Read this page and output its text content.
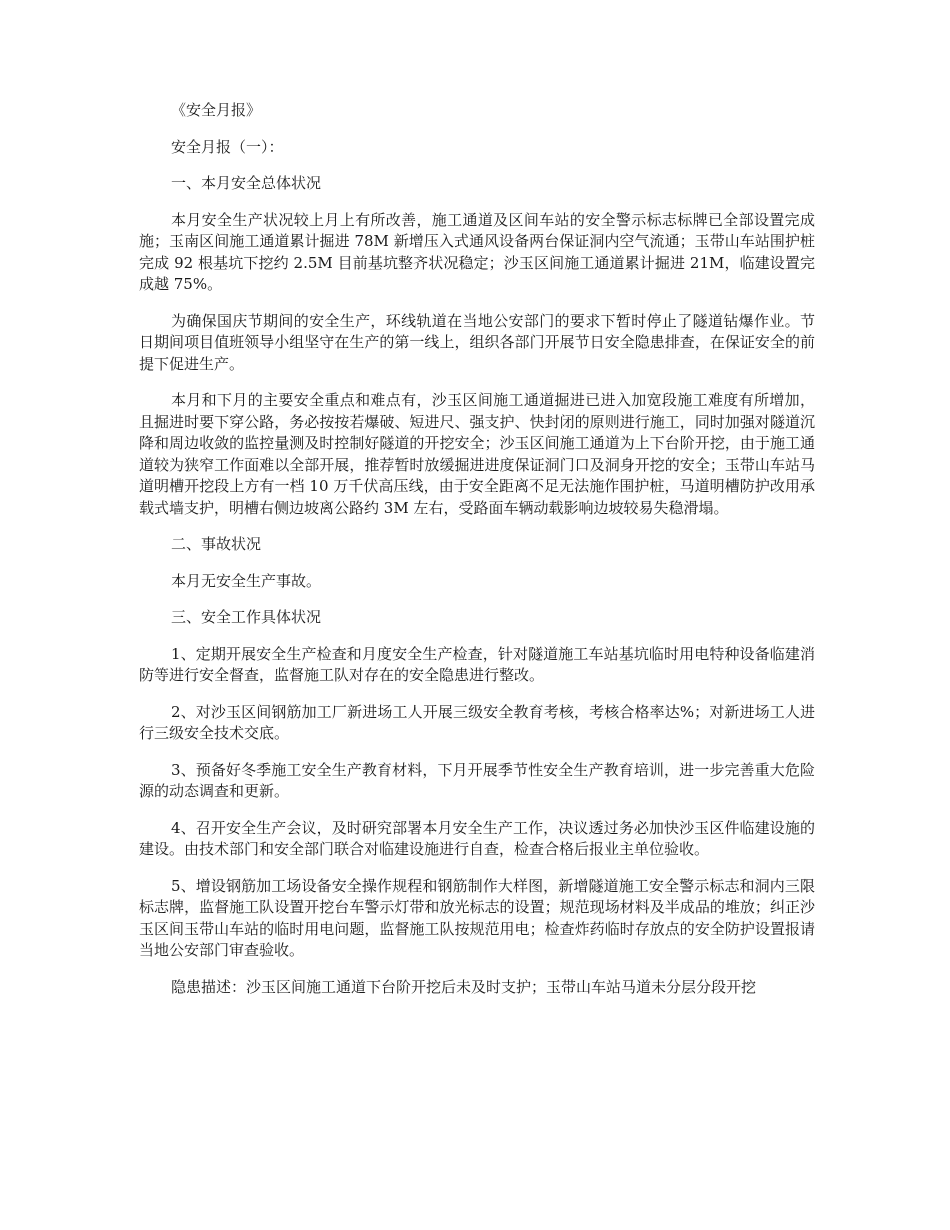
《安全月报》

安全月报（一）：

一、本月安全总体状况

本月安全生产状况较上月上有所改善，施工通道及区间车站的安全警示标志标牌已全部设置完成施；玉南区间施工通道累计掘进 78M 新增压入式通风设备两台保证洞内空气流通；玉带山车站围护桩完成 92 根基坑下挖约 2.5M 目前基坑整齐状况稳定；沙玉区间施工通道累计掘进 21M，临建设置完成越 75%。

为确保国庆节期间的安全生产，环线轨道在当地公安部门的要求下暂时停止了隧道钻爆作业。节日期间项目值班领导小组坚守在生产的第一线上，组织各部门开展节日安全隐患排查，在保证安全的前提下促进生产。

本月和下月的主要安全重点和难点有，沙玉区间施工通道掘进已进入加宽段施工难度有所增加，且掘进时要下穿公路，务必按按若爆破、短进尺、强支护、快封闭的原则进行施工，同时加强对隧道沉降和周边收敛的监控量测及时控制好隧道的开挖安全；沙玉区间施工通道为上下台阶开挖，由于施工通道较为狭窄工作面难以全部开展，推荐暂时放缓掘进进度保证洞门口及洞身开挖的安全；玉带山车站马道明槽开挖段上方有一档 10 万千伏高压线，由于安全距离不足无法施作围护桩，马道明槽防护改用承载式墙支护，明槽右侧边坡离公路约 3M 左右，受路面车辆动载影响边坡较易失稳滑塌。

二、事故状况

本月无安全生产事故。

三、安全工作具体状况

1、定期开展安全生产检查和月度安全生产检查，针对隧道施工车站基坑临时用电特种设备临建消防等进行安全督查，监督施工队对存在的安全隐患进行整改。

2、对沙玉区间钢筋加工厂新进场工人开展三级安全教育考核，考核合格率达%；对新进场工人进行三级安全技术交底。

3、预备好冬季施工安全生产教育材料，下月开展季节性安全生产教育培训，进一步完善重大危险源的动态调查和更新。

4、召开安全生产会议，及时研究部署本月安全生产工作，决议透过务必加快沙玉区件临建设施的建设。由技术部门和安全部门联合对临建设施进行自查，检查合格后报业主单位验收。

5、增设钢筋加工场设备安全操作规程和钢筋制作大样图，新增隧道施工安全警示标志和洞内三限标志牌，监督施工队设置开挖台车警示灯带和放光标志的设置；规范现场材料及半成品的堆放；纠正沙玉区间玉带山车站的临时用电问题，监督施工队按规范用电；检查炸药临时存放点的安全防护设置报请当地公安部门审查验收。

隐患描述：沙玉区间施工通道下台阶开挖后未及时支护；玉带山车站马道未分层分段开挖
